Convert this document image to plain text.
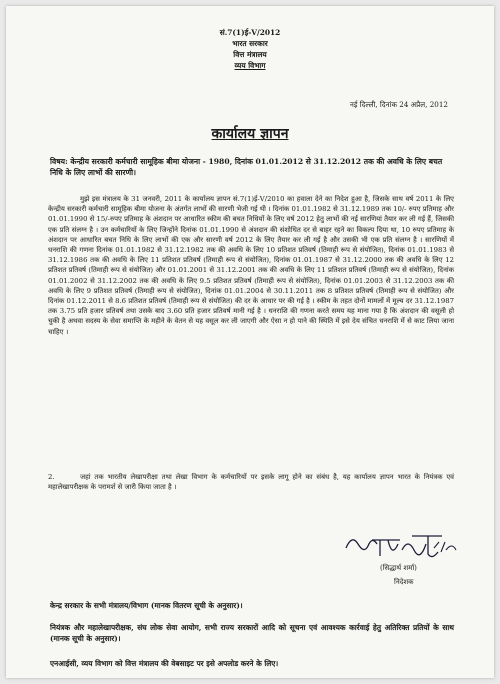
सं.7(1)ई-V/2012
भारत सरकार
वित्त मंत्रालय
व्यय विभाग
नई दिल्ली, दिनांक 24 अप्रैल, 2012
कार्यालय ज्ञापन
विषय: केन्द्रीय सरकारी कर्मचारी सामूहिक बीमा योजना - 1980, दिनांक 01.01.2012 से 31.12.2012 तक की अवधि के लिए बचत निधि के लिए लाभों की सारणी।
मुझे इस मंत्रालय के 31 जनवरी, 2011 के कार्यालय ज्ञापन सं.7(1)ई-V/2010 का हवाला देने का निदेश हुआ है, जिसके साथ वर्ष 2011 के लिए केन्द्रीय सरकारी कर्मचारी सामूहिक बीमा योजना के अंतर्गत लाभों की सारणी भेजी गई थी । दिनांक 01.01.1982 से 31.12.1989 तक 10/- रुपए प्रतिमाह और 01.01.1990 से 15/-रुपए प्रतिमाह के अंशदान पर आधारित स्कीम की बचत निधियों के लिए वर्ष 2012 हेतु लाभों की नई सारणियां तैयार कर ली गई हैं, जिसकी एक प्रति संलग्न है । उन कर्मचारियों के लिए जिन्होंने दिनांक 01.01.1990 से अंशदान की संशोधित दर से बाहर रहने का विकल्प दिया था, 10 रुपए प्रतिमाह के अंशदान पर आधारित बचत निधि के लिए लाभों की एक और सारणी वर्ष 2012 के लिए तैयार कर ली गई है और उसकी भी एक प्रति संलग्न है । सारणियों में धनराशि की गणना दिनांक 01.01.1982 से 31.12.1982 तक की अवधि के लिए 10 प्रतिशत प्रतिवर्ष (तिमाही रूप से संयोजित), दिनांक 01.01.1983 से 31.12.1986 तक की अवधि के लिए 11 प्रतिशत प्रतिवर्ष (तिमाही रूप से संयोजित), दिनांक 01.01.1987 से 31.12.2000 तक की अवधि के लिए 12 प्रतिशत प्रतिवर्ष (तिमाही रूप से संयोजित) और 01.01.2001 से 31.12.2001 तक की अवधि के लिए 11 प्रतिशत प्रतिवर्ष (तिमाही रूप से संयोजित), दिनांक 01.01.2002 से 31.12.2002 तक की अवधि के लिए 9.5 प्रतिशत प्रतिवर्ष (तिमाही रूप से संयोजित), दिनांक 01.01.2003 से 31.12.2003 तक की अवधि के लिए 9 प्रतिशत प्रतिवर्ष (तिमाही रूप से संयोजित), दिनांक 01.01.2004 से 30.11.2011 तक 8 प्रतिशत प्रतिवर्ष (तिमाही रूप से संयोजित) और दिनांक 01.12.2011 से 8.6 प्रतिशत प्रतिवर्ष (तिमाही रूप से संयोजित) की दर के आधार पर की गई है । स्कीम के तहत दोनों मामलों में मूल्य दर 31.12.1987 तक 3.75 प्रति हजार प्रतिवर्ष तथा उसके बाद 3.60 प्रति हजार प्रतिवर्ष मानी गई है । धनराशि की गणना करते समय यह माना गया है कि अंशदान की वसूली हो चुकी है अथवा सदस्य के सेवा समाप्ति के महीने के वेतन से यह वसूल कर ली जाएगी और ऐसा न हो पाने की स्थिति में इसे देय संचित धनराशि में से काट लिया जाना चाहिए ।
2.	जहां तक भारतीय लेखापरीक्षा तथा लेखा विभाग के कर्मचारियों पर इसके लागू होने का संबंध है, यह कार्यालय ज्ञापन भारत के नियंत्रक एवं महालेखापरीक्षक के परामर्श से जारी किया जाता है ।
(सिद्धार्थ शर्मा)
निदेशक
केन्द्र सरकार के सभी मंत्रालय/विभाग (मानक वितरण सूची के अनुसार)।
नियंत्रक और महालेखापरीक्षक, संघ लोक सेवा आयोग, सभी राज्य सरकारों आदि को सूचना एवं आवश्यक कार्रवाई हेतु अतिरिक्त प्रतियों के साथ (मानक सूची के अनुसार)।
एनआईसी, व्यय विभाग को वित्त मंत्रालय की वेबसाइट पर इसे अपलोड करने के लिए।
